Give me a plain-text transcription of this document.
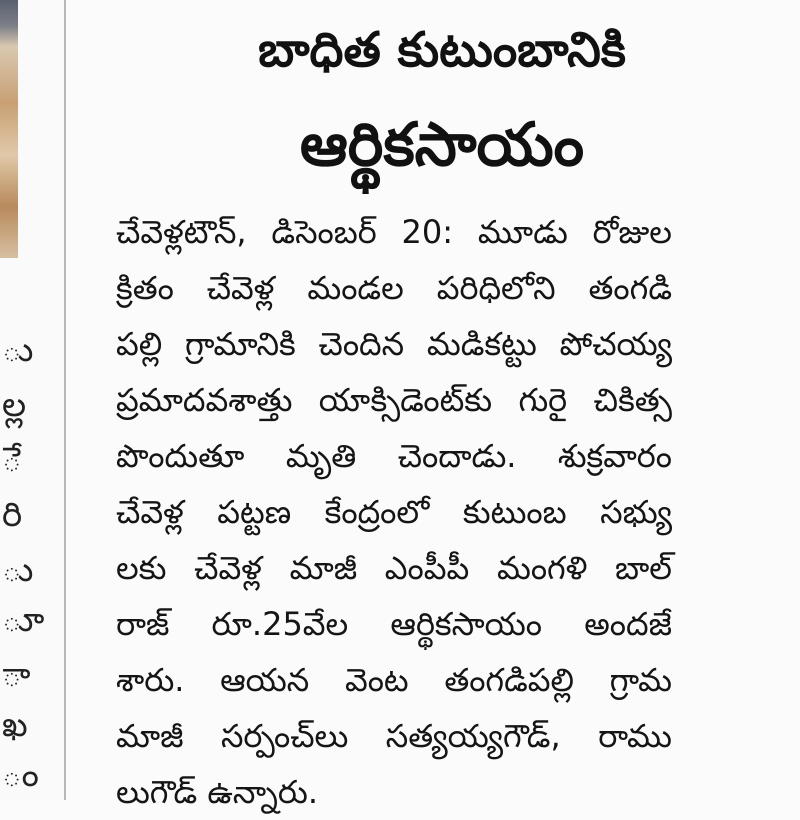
ు
ల్ల
ే
రి
ు
ూ
ా
ఖ
ం
బాధిత కుటుంబానికి
ఆర్థికసాయం
చేవెళ్లటౌన్, డిసెంబర్ 20: మూడు రోజుల
క్రితం చేవెళ్ల మండల పరిధిలోని తంగడి
పల్లి గ్రామానికి చెందిన మడికట్టు పోచయ్య
ప్రమాదవశాత్తు యాక్సిడెంట్‌కు గురై చికిత్స
పొందుతూ మృతి చెందాడు. శుక్రవారం
చేవెళ్ల పట్టణ కేంద్రంలో కుటుంబ సభ్యు
లకు చేవెళ్ల మాజీ ఎంపీపీ మంగళి బాల్
రాజ్ రూ.25వేల ఆర్థికసాయం అందజే
శారు. ఆయన వెంట తంగడిపల్లి గ్రామ
మాజీ సర్పంచ్‌లు సత్యయ్యగౌడ్, రాము
లుగౌడ్ ఉన్నారు.
